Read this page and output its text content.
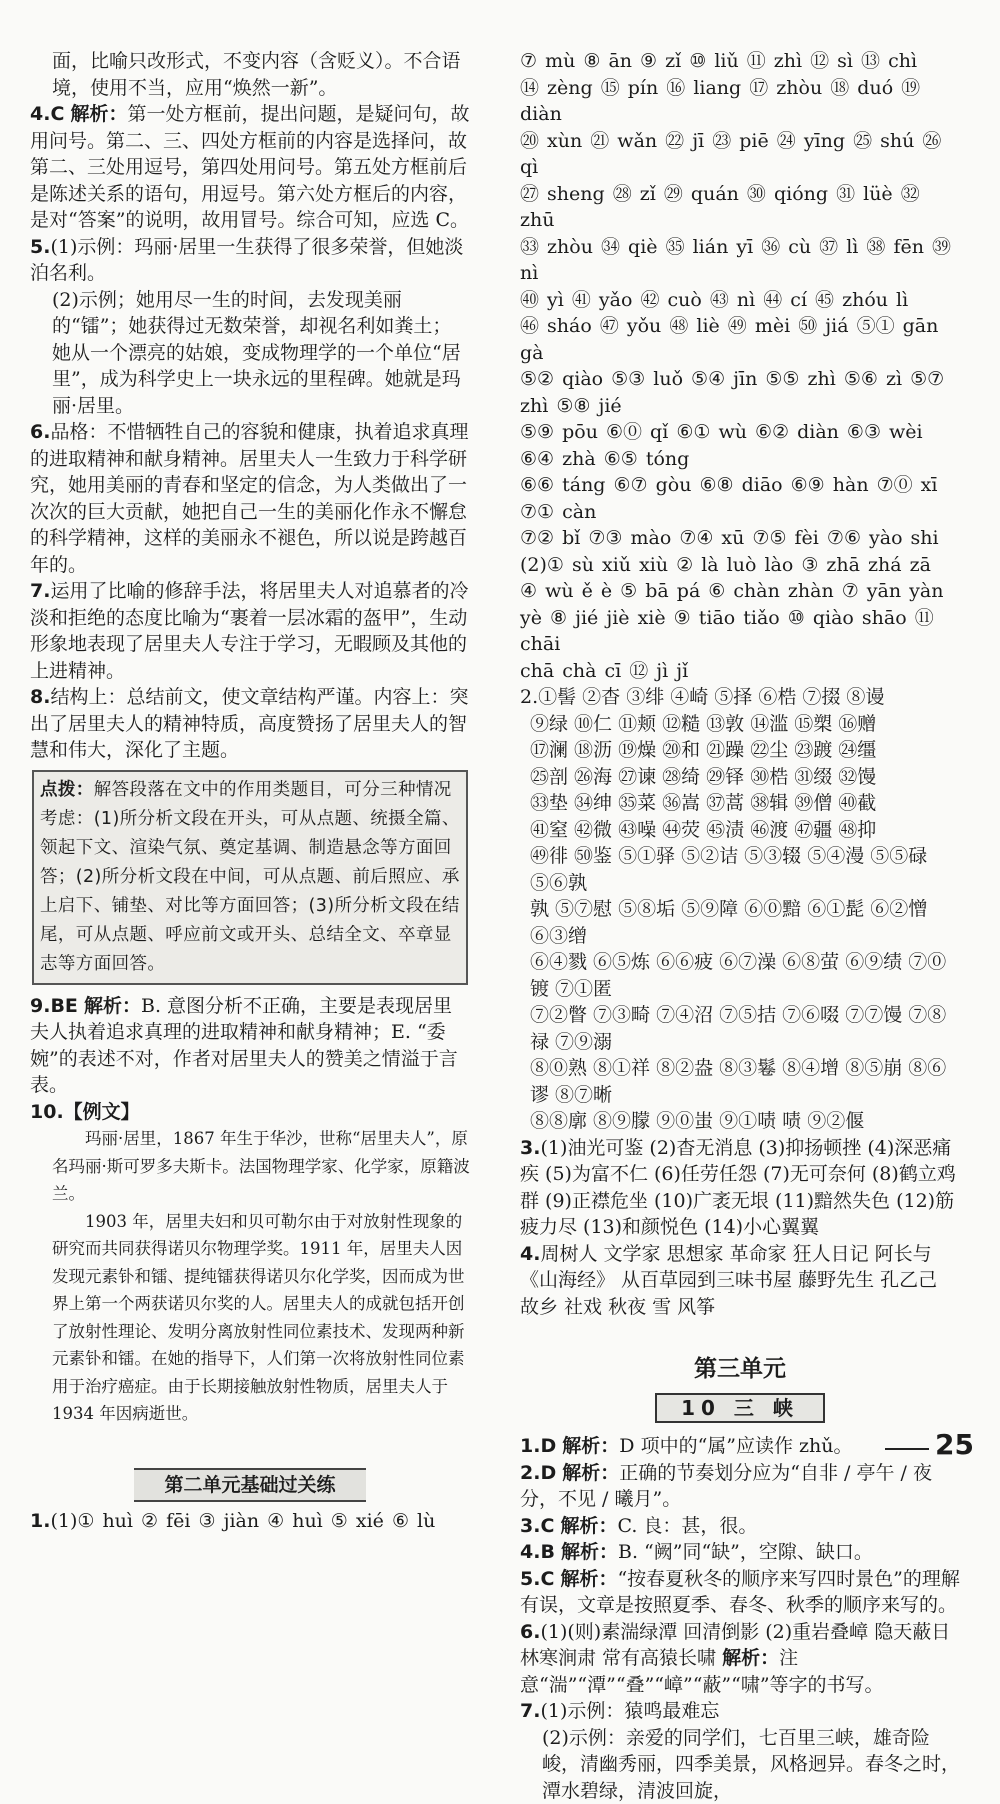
面，比喻只改形式，不变内容（含贬义）。不合语境，使用不当，应用“焕然一新”。

4.C 解析：第一处方框前，提出问题，是疑问句，故用问号。第二、三、四处方框前的内容是选择问，故第二、三处用逗号，第四处用问号。第五处方框前后是陈述关系的语句，用逗号。第六处方框后的内容，是对“答案”的说明，故用冒号。综合可知，应选 C。

5.(1)示例：玛丽·居里一生获得了很多荣誉，但她淡泊名利。

(2)示例；她用尽一生的时间，去发现美丽的“镭”；她获得过无数荣誉，却视名利如粪土；她从一个漂亮的姑娘，变成物理学的一个单位“居里”，成为科学史上一块永远的里程碑。她就是玛丽·居里。

6.品格：不惜牺牲自己的容貌和健康，执着追求真理的进取精神和献身精神。居里夫人一生致力于科学研究，她用美丽的青春和坚定的信念，为人类做出了一次次的巨大贡献，她把自己一生的美丽化作永不懈怠的科学精神，这样的美丽永不褪色，所以说是跨越百年的。

7.运用了比喻的修辞手法，将居里夫人对追慕者的冷淡和拒绝的态度比喻为“裹着一层冰霜的盔甲”，生动形象地表现了居里夫人专注于学习，无暇顾及其他的上进精神。

8.结构上：总结前文，使文章结构严谨。内容上：突出了居里夫人的精神特质，高度赞扬了居里夫人的智慧和伟大，深化了主题。

点拨：解答段落在文中的作用类题目，可分三种情况考虑：(1)所分析文段在开头，可从点题、统摄全篇、领起下文、渲染气氛、奠定基调、制造悬念等方面回答；(2)所分析文段在中间，可从点题、前后照应、承上启下、铺垫、对比等方面回答；(3)所分析文段在结尾，可从点题、呼应前文或开头、总结全文、卒章显志等方面回答。

9.BE 解析：B. 意图分析不正确，主要是表现居里夫人执着追求真理的进取精神和献身精神；E. “委婉”的表述不对，作者对居里夫人的赞美之情溢于言表。

10.【例文】

玛丽·居里，1867 年生于华沙，世称“居里夫人”，原名玛丽·斯可罗多夫斯卡。法国物理学家、化学家，原籍波兰。

1903 年，居里夫妇和贝可勒尔由于对放射性现象的研究而共同获得诺贝尔物理学奖。1911 年，居里夫人因发现元素钋和镭、提纯镭获得诺贝尔化学奖，因而成为世界上第一个两获诺贝尔奖的人。居里夫人的成就包括开创了放射性理论、发明分离放射性同位素技术、发现两种新元素钋和镭。在她的指导下，人们第一次将放射性同位素用于治疗癌症。由于长期接触放射性物质，居里夫人于1934 年因病逝世。

第二单元基础过关练

1.(1)① huì ② fēi ③ jiàn ④ huì ⑤ xié ⑥ lù

⑦ mù ⑧ ān ⑨ zǐ ⑩ liǔ ⑪ zhì ⑫ sì ⑬ chì

⑭ zèng ⑮ pín ⑯ liang ⑰ zhòu ⑱ duó ⑲ diàn

⑳ xùn ㉑ wǎn ㉒ jī ㉓ piē ㉔ yīng ㉕ shú ㉖ qì

㉗ sheng ㉘ zǐ ㉙ quán ㉚ qióng ㉛ lüè ㉜ zhū

㉝ zhòu ㉞ qiè ㉟ lián yī ㊱ cù ㊲ lì ㊳ fēn ㊴ nì

㊵ yì ㊶ yǎo ㊷ cuò ㊸ nì ㊹ cí ㊺ zhóu lì

㊻ sháo ㊼ yǒu ㊽ liè ㊾ mèi ㊿ jiá ⑤① gān gà

⑤② qiào ⑤③ luǒ ⑤④ jīn ⑤⑤ zhì ⑤⑥ zì ⑤⑦ zhì ⑤⑧ jié

⑤⑨ pōu ⑥⓪ qǐ ⑥① wù ⑥② diàn ⑥③ wèi ⑥④ zhà ⑥⑤ tóng

⑥⑥ táng ⑥⑦ gòu ⑥⑧ diāo ⑥⑨ hàn ⑦⓪ xī ⑦① càn

⑦② bǐ ⑦③ mào ⑦④ xū ⑦⑤ fèi ⑦⑥ yào shi

(2)① sù xiǔ xiù ② là luò lào ③ zhā zhá zā

④ wù ě è ⑤ bā pá ⑥ chàn zhàn ⑦ yān yàn

yè ⑧ jié jiè xiè ⑨ tiāo tiǎo ⑩ qiào shāo ⑪ chāi

chā chà cī ⑫ jì jǐ

2.①髻 ②杳 ③绯 ④崎 ⑤择 ⑥梏 ⑦掇 ⑧谩

⑨绿 ⑩仁 ⑪颊 ⑫糙 ⑬敦 ⑭滥 ⑮槊 ⑯赠

⑰澜 ⑱沥 ⑲燥 ⑳和 ㉑躁 ㉒尘 ㉓踱 ㉔缰

㉕剖 ㉖海 ㉗谏 ㉘绮 ㉙铎 ㉚梏 ㉛缀 ㉜馒

㉝垫 ㉞绅 ㉟菜 ㊱嵩 ㊲蒿 ㊳辑 ㊴僧 ㊵截

㊶窒 ㊷微 ㊸噪 ㊹荧 ㊺渍 ㊻渡 ㊼疆 ㊽抑

㊾徘 ㊿鉴 ⑤①驿 ⑤②诘 ⑤③辍 ⑤④漫 ⑤⑤碌 ⑤⑥孰

孰 ⑤⑦慰 ⑤⑧垢 ⑤⑨障 ⑥⓪黯 ⑥①髭 ⑥②憎 ⑥③缯

⑥④戮 ⑥⑤炼 ⑥⑥疲 ⑥⑦澡 ⑥⑧萤 ⑥⑨绩 ⑦⓪镀 ⑦①匿

⑦②瞥 ⑦③畸 ⑦④沼 ⑦⑤拮 ⑦⑥啜 ⑦⑦馒 ⑦⑧禄 ⑦⑨溺

⑧⓪熟 ⑧①祥 ⑧②盎 ⑧③鬈 ⑧④增 ⑧⑤崩 ⑧⑥谬 ⑧⑦晰

⑧⑧廓 ⑧⑨朦 ⑨⓪蚩 ⑨①啧 啧 ⑨②偃

3.(1)油光可鉴 (2)杳无消息 (3)抑扬顿挫 (4)深恶痛疾 (5)为富不仁 (6)任劳任怨 (7)无可奈何 (8)鹤立鸡群 (9)正襟危坐 (10)广袤无垠 (11)黯然失色 (12)筋疲力尽 (13)和颜悦色 (14)小心翼翼

4.周树人 文学家 思想家 革命家 狂人日记 阿长与《山海经》 从百草园到三味书屋 藤野先生 孔乙己 故乡 社戏 秋夜 雪 风筝

第三单元
10 三 峡

1.D 解析：D 项中的“属”应读作 zhǔ。

2.D 解析：正确的节奏划分应为“自非 / 亭午 / 夜分，不见 / 曦月”。

3.C 解析：C. 良：甚，很。

4.B 解析：B. “阙”同“缺”，空隙、缺口。

5.C 解析：“按春夏秋冬的顺序来写四时景色”的理解有误，文章是按照夏季、春冬、秋季的顺序来写的。

6.(1)(则)素湍绿潭 回清倒影 (2)重岩叠嶂 隐天蔽日 林寒涧肃 常有高猿长啸 解析：注意“湍”“潭”“叠”“嶂”“蔽”“啸”等字的书写。

7.(1)示例：猿鸣最难忘

(2)示例：亲爱的同学们，七百里三峡，雄奇险峻，清幽秀丽，四季美景，风格迥异。春冬之时，潭水碧绿，清波回旋，

25
